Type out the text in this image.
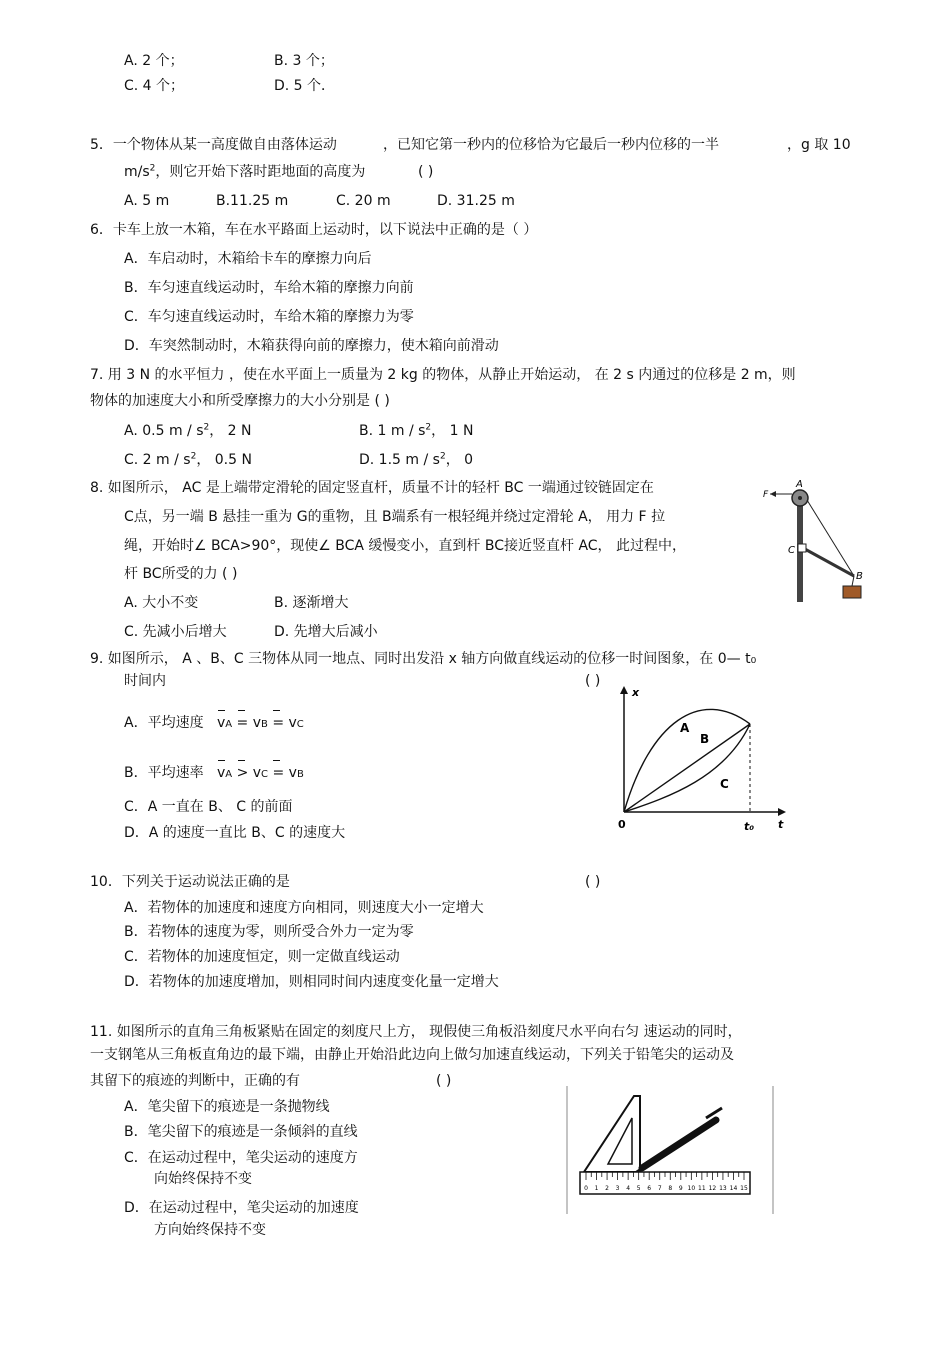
A. 2 个；	B. 3 个；
C. 4 个；	D. 5 个．
5．一个物体从某一高度做自由落体运动	，已知它第一秒内的位移恰为它最后一秒内位移的一半	，g 取 10
$m/s^2$，则它开始下落时距地面的高度为	( )
A. 5 m	B.11.25 m	C. 20 m	D. 31.25 m
6．卡车上放一木箱，车在水平路面上运动时，以下说法中正确的是（ ）
A．车启动时，木箱给卡车的摩擦力向后
B．车匀速直线运动时，车给木箱的摩擦力向前
C．车匀速直线运动时，车给木箱的摩擦力为零
D．车突然制动时，木箱获得向前的摩擦力，使木箱向前滑动
7. 用 3 N 的水平恒力 ，使在水平面上一质量为 2 kg 的物体，从静止开始运动， 在 2 s 内通过的位移是 2 m，则
物体的加速度大小和所受摩擦力的大小分别是 ( )
A. 0.5 m / $s^2$， 2 N	B. 1 m / $s^2$， 1 N
C. 2 m / $s^2$， 0.5 N	D. 1.5 m / $s^2$， 0
8. 如图所示， AC 是上端带定滑轮的固定竖直杆，质量不计的轻杆 BC 一端通过铰链固定在
C点，另一端 B 悬挂一重为 G的重物，且 B端系有一根轻绳并绕过定滑轮 A， 用力 F 拉
绳，开始时∠ BCA>90°，现使∠ BCA 缓慢变小，直到杆 BC接近竖直杆 AC， 此过程中，
杆 BC所受的力 ( )
A. 大小不变	B. 逐渐增大
C. 先减小后增大	D. 先增大后减小
F
A
C
B
9. 如图所示， A 、B、C 三物体从同一地点、同时出发沿 x 轴方向做直线运动的位移一时间图象，在 0— t₀
时间内	( )
A．平均速度 vA = vB = vC
B．平均速率 vA > vC = vB
C．A 一直在 B、 C 的前面
D．A 的速度一直比 B、C 的速度大
x
t
0	t₀
A
B
C
10．下列关于运动说法正确的是	( )
A．若物体的加速度和速度方向相同，则速度大小一定增大
B．若物体的速度为零，则所受合外力一定为零
C．若物体的加速度恒定，则一定做直线运动
D．若物体的加速度增加，则相同时间内速度变化量一定增大
11. 如图所示的直角三角板紧贴在固定的刻度尺上方， 现假使三角板沿刻度尺水平向右匀 速运动的同时，
一支钢笔从三角板直角边的最下端，由静止开始沿此边向上做匀加速直线运动，下列关于铅笔尖的运动及
其留下的痕迹的判断中，正确的有	( )
A．笔尖留下的痕迹是一条抛物线
B．笔尖留下的痕迹是一条倾斜的直线
C．在运动过程中，笔尖运动的速度方
向始终保持不变
D．在运动过程中，笔尖运动的加速度
方向始终保持不变
0 1 2 3 4 5 6 7 8 9 10 11 12 13 14 15
